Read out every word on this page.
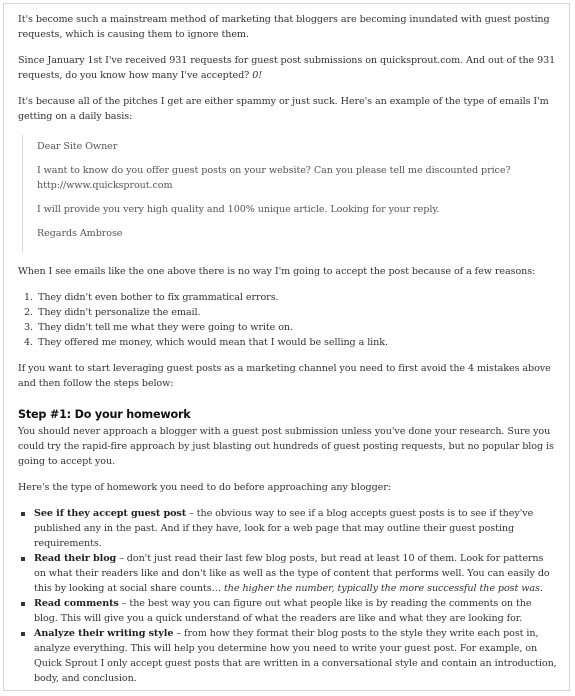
It's become such a mainstream method of marketing that bloggers are becoming inundated with guest posting requests, which is causing them to ignore them.

Since January 1st I've received 931 requests for guest post submissions on quicksprout.com. And out of the 931 requests, do you know how many I've accepted? 0!

It's because all of the pitches I get are either spammy or just suck. Here's an example of the type of emails I'm getting on a daily basis:

Dear Site Owner

I want to know do you offer guest posts on your website? Can you please tell me discounted price?
http://www.quicksprout.com

I will provide you very high quality and 100% unique article. Looking for your reply.

Regards Ambrose

When I see emails like the one above there is no way I'm going to accept the post because of a few reasons:

1. They didn't even bother to fix grammatical errors.
2. They didn't personalize the email.
3. They didn't tell me what they were going to write on.
4. They offered me money, which would mean that I would be selling a link.

If you want to start leveraging guest posts as a marketing channel you need to first avoid the 4 mistakes above and then follow the steps below:

Step #1: Do your homework

You should never approach a blogger with a guest post submission unless you've done your research. Sure you could try the rapid-fire approach by just blasting out hundreds of guest posting requests, but no popular blog is going to accept you.

Here's the type of homework you need to do before approaching any blogger:

See if they accept guest post – the obvious way to see if a blog accepts guest posts is to see if they've published any in the past. And if they have, look for a web page that may outline their guest posting requirements.
Read their blog – don't just read their last few blog posts, but read at least 10 of them. Look for patterns on what their readers like and don't like as well as the type of content that performs well. You can easily do this by looking at social share counts… the higher the number, typically the more successful the post was.
Read comments – the best way you can figure out what people like is by reading the comments on the blog. This will give you a quick understand of what the readers are like and what they are looking for.
Analyze their writing style – from how they format their blog posts to the style they write each post in, analyze everything. This will help you determine how you need to write your guest post. For example, on Quick Sprout I only accept guest posts that are written in a conversational style and contain an introduction, body, and conclusion.
